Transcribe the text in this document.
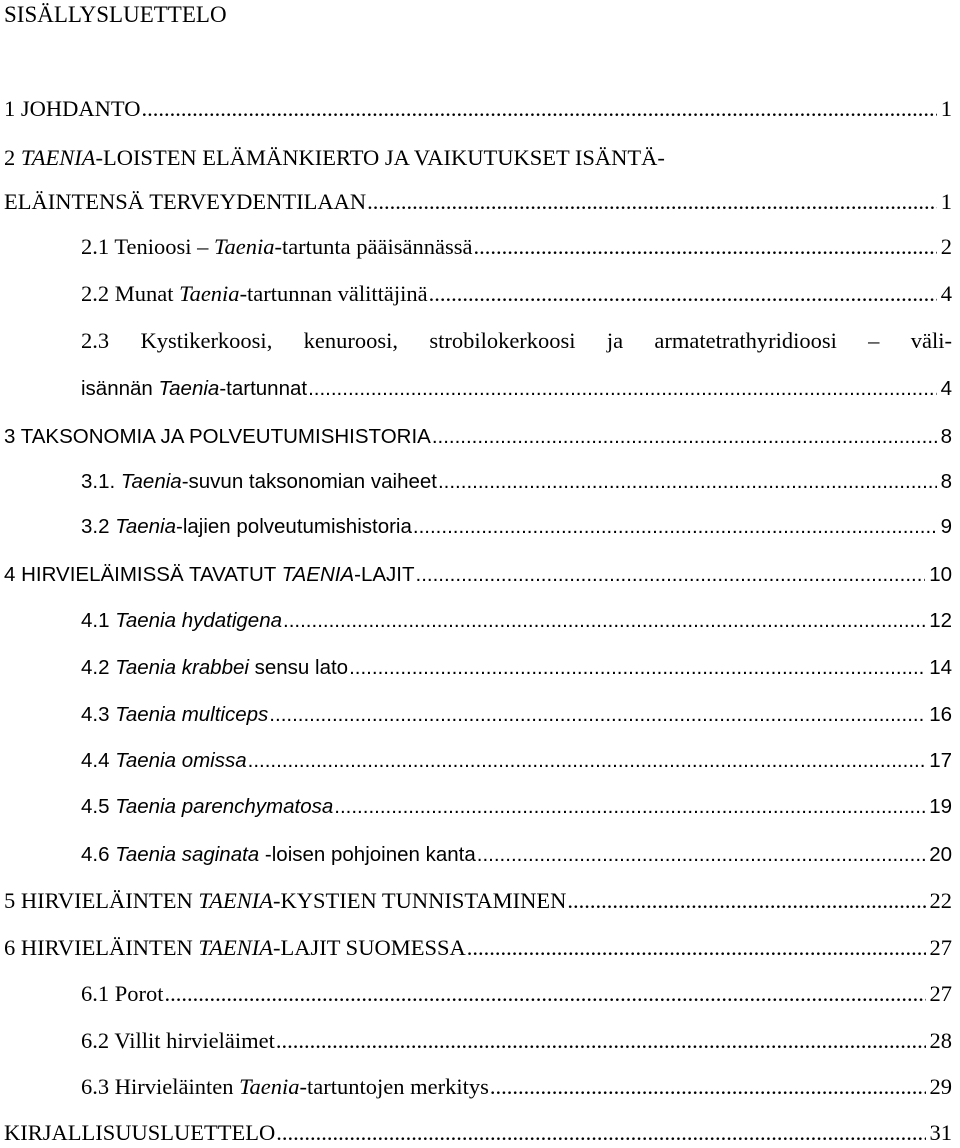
SISÄLLYSLUETTELO
1 JOHDANTO .....	1
2 TAENIA-LOISTEN ELÄMÄNKIERTO JA VAIKUTUKSET ISÄNTÄ-
ELÄINTENSÄ TERVEYDENTILAAN .....	1
2.1 Tenioosi – Taenia-tartunta pääisännässä .....	2
2.2 Munat Taenia-tartunnan välittäjinä .....	4
2.3 Kystikerkoosi, kenuroosi, strobilokerkoosi ja armatetrathyridioosi – väli-
isännän Taenia-tartunnat .....	4
3 TAKSONOMIA JA POLVEUTUMISHISTORIA .....	8
3.1. Taenia-suvun taksonomian vaiheet .....	8
3.2 Taenia-lajien polveutumishistoria .....	9
4 HIRVIELÄIMISSÄ TAVATUT TAENIA-LAJIT .....	10
4.1 Taenia hydatigena .....	12
4.2 Taenia krabbei sensu lato .....	14
4.3 Taenia multiceps .....	16
4.4 Taenia omissa .....	17
4.5 Taenia parenchymatosa .....	19
4.6 Taenia saginata -loisen pohjoinen kanta .....	20
5 HIRVIELÄINTEN TAENIA-KYSTIEN TUNNISTAMINEN .....	22
6 HIRVIELÄINTEN TAENIA-LAJIT SUOMESSA .....	27
6.1 Porot .....	27
6.2 Villit hirvieläimet .....	28
6.3 Hirvieläinten Taenia-tartuntojen merkitys .....	29
KIRJALLISUUSLUETTELO .....	31
